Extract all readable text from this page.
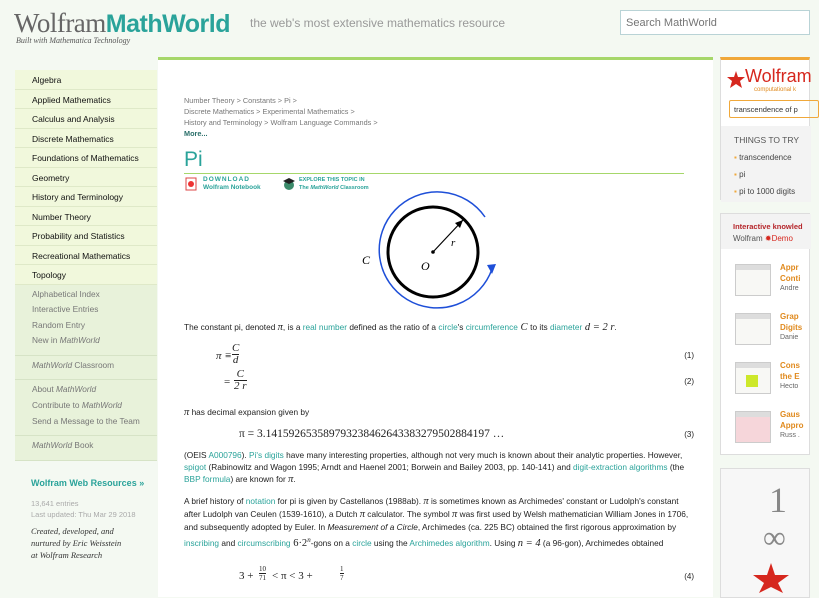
WolframMathWorld
Built with Mathematica Technology
the web's most extensive mathematics resource
Search MathWorld
Algebra
Applied Mathematics
Calculus and Analysis
Discrete Mathematics
Foundations of Mathematics
Geometry
History and Terminology
Number Theory
Probability and Statistics
Recreational Mathematics
Topology
Alphabetical Index
Interactive Entries
Random Entry
New in MathWorld
MathWorld Classroom
About MathWorld
Contribute to MathWorld
Send a Message to the Team
MathWorld Book
Wolfram Web Resources »
13,641 entries
Last updated: Thu Mar 29 2018
Created, developed, and
nurtured by Eric Weisstein
at Wolfram Research
Number Theory > Constants > Pi >
Discrete Mathematics > Experimental Mathematics >
History and Terminology > Wolfram Language Commands >
More...
Pi
DOWNLOAD
Wolfram Notebook
EXPLORE THIS TOPIC IN
The MathWorld Classroom
C	O
r
The constant pi, denoted π, is a real number defined as the ratio of a circle's circumference C to its diameter d = 2 r.
$\pi \equiv \frac{C}{d}$	(1)
= $\frac{C}{2 r}$	(2)
π has decimal expansion given by
π = 3.14159265358979323846264338327950288419​7 …	(3)
(OEIS A000796). Pi's digits have many interesting properties, although not very much is known about their analytic properties. However, spigot (Rabinowitz and Wagon 1995; Arndt and Haenel 2001; Borwein and Bailey 2003, pp. 140-141) and digit-extraction algorithms (the BBP formula) are known for π.
A brief history of notation for pi is given by Castellanos (1988ab). π is sometimes known as Archimedes' constant or Ludolph's constant after Ludolph van Ceulen (1539-1610), a Dutch π calculator. The symbol π was first used by Welsh mathematician William Jones in 1706, and subsequently adopted by Euler. In Measurement of a Circle, Archimedes (ca. 225 BC) obtained the first rigorous approximation by inscribing and circumscribing $6\cdot 2^n$-gons on a circle using the Archimedes algorithm. Using n = 4 (a 96-gon), Archimedes obtained
$3 + \frac{10}{71} < \pi < 3$ +	$\frac{1}{7}$	(4)
Wolfram
computational k
transcendence of p
THINGS TO TRY
▪ transcendence
▪ pi
▪ pi to 1000 digits
Interactive knowled
Wolfram ✹Demo
Appr
Conti
Andre
Grap
Digits
Danie
Cons
the E
Hecto
Gaus
Appro
Russ .
1
∞
